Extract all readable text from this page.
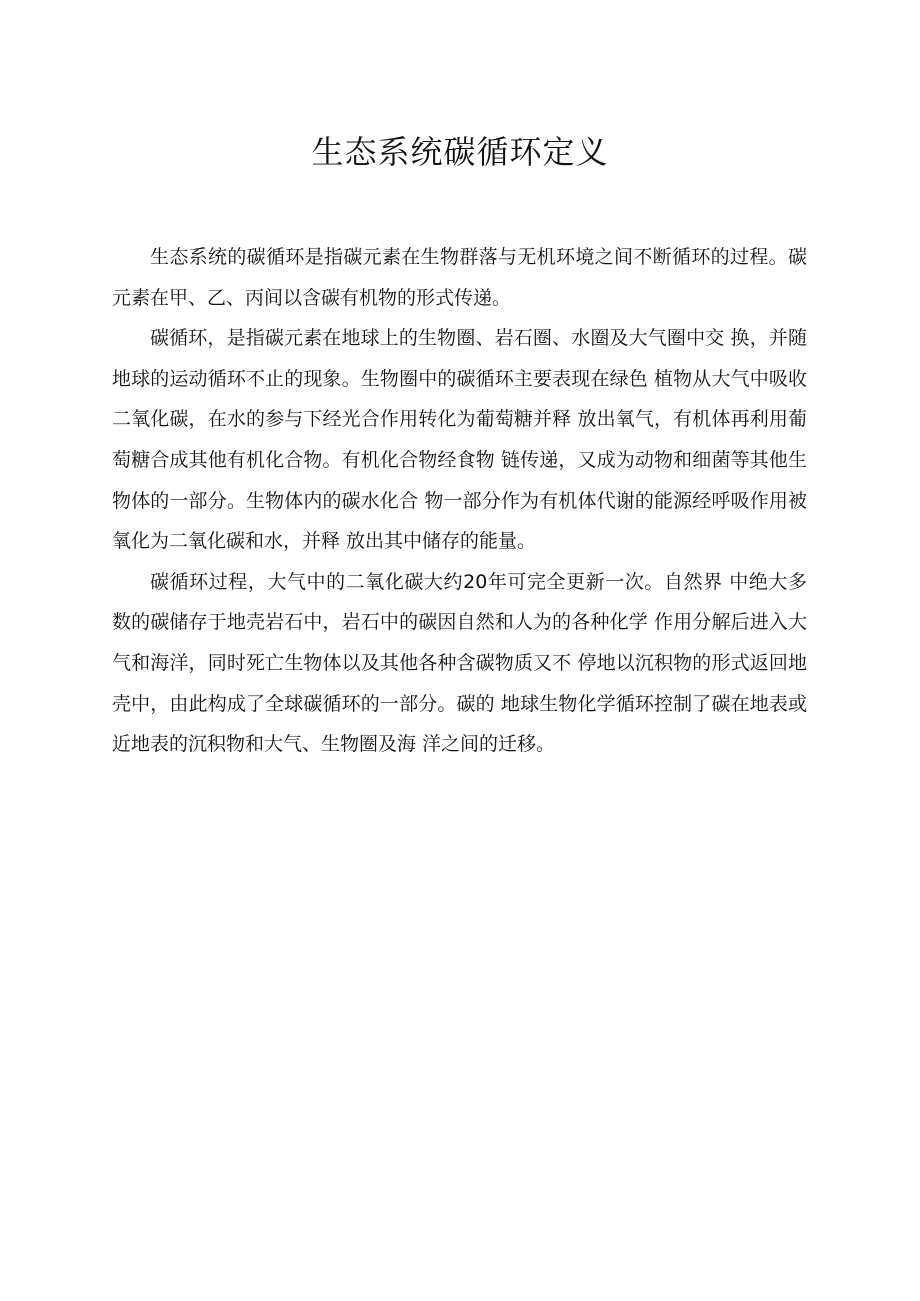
生态系统碳循环定义

生态系统的碳循环是指碳元素在生物群落与无机环境之间不断循环的过程。碳元素在甲、乙、丙间以含碳有机物的形式传递。

碳循环，是指碳元素在地球上的生物圈、岩石圈、水圈及大气圈中交 换，并随地球的运动循环不止的现象。生物圈中的碳循环主要表现在绿色 植物从大气中吸收二氧化碳，在水的参与下经光合作用转化为葡萄糖并释 放出氧气，有机体再利用葡萄糖合成其他有机化合物。有机化合物经食物 链传递，又成为动物和细菌等其他生物体的一部分。生物体内的碳水化合 物一部分作为有机体代谢的能源经呼吸作用被氧化为二氧化碳和水，并释 放出其中储存的能量。

碳循环过程，大气中的二氧化碳大约20年可完全更新一次。自然界 中绝大多数的碳储存于地壳岩石中，岩石中的碳因自然和人为的各种化学 作用分解后进入大气和海洋，同时死亡生物体以及其他各种含碳物质又不 停地以沉积物的形式返回地壳中，由此构成了全球碳循环的一部分。碳的 地球生物化学循环控制了碳在地表或近地表的沉积物和大气、生物圈及海 洋之间的迁移。
